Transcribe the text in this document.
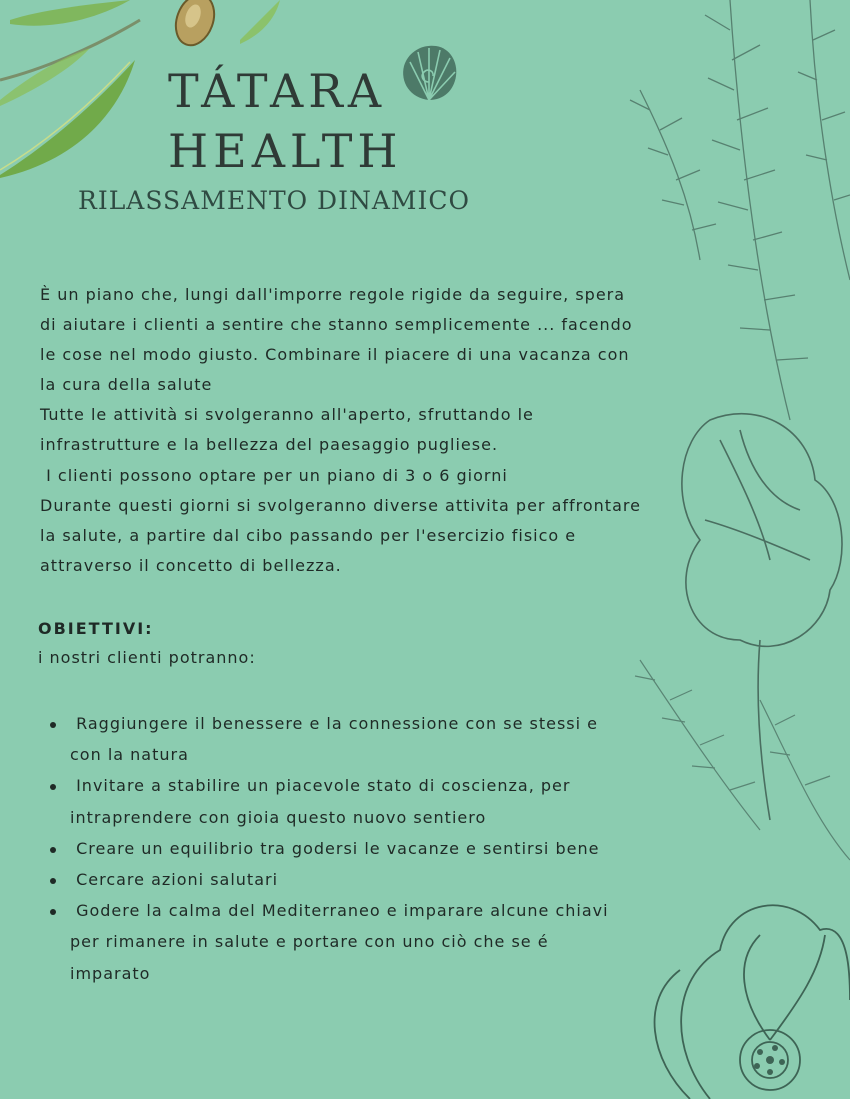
TÁTARA
HEALTH
RILASSAMENTO DINAMICO
È un piano che, lungi dall'imporre regole rigide da seguire, spera
di aiutare i clienti a sentire che stanno semplicemente ... facendo
le cose nel modo giusto. Combinare il piacere di una vacanza con
la cura della salute
Tutte le attività si svolgeranno all'aperto, sfruttando le
infrastrutture e la bellezza del paesaggio pugliese.
I clienti possono optare per un piano di 3 o 6 giorni
Durante questi giorni si svolgeranno diverse attivita per affrontare
la salute, a partire dal cibo passando per l'esercizio fisico e
attraverso il concetto di bellezza.
OBIETTIVI:
i nostri clienti potranno:
Raggiungere il benessere e la connessione con se stessi e
con la natura
Invitare a stabilire un piacevole stato di coscienza, per
intraprendere con gioia questo nuovo sentiero
Creare un equilibrio tra godersi le vacanze e sentirsi bene
Cercare azioni salutari
Godere la calma del Mediterraneo e imparare alcune chiavi
per rimanere in salute e portare con uno ciò che se é
imparato
